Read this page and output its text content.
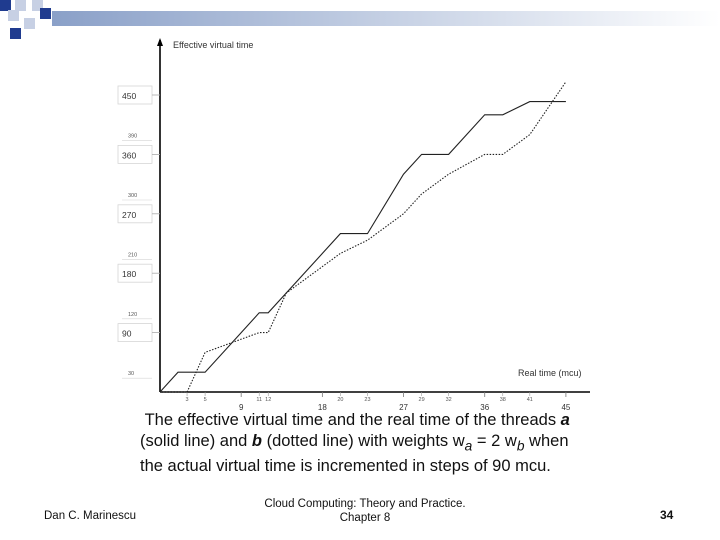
90
180
270
360
450
30
120
210
300
390
9	18	27	36	45
3	5	11 12	20	23	29	32	38	41
Effective virtual time
Real time (mcu)
The effective virtual time and the real time of the threads a
(solid line) and b (dotted line) with weights $w_a = 2$ $w_b$ when
the actual virtual time is incremented in steps of 90 mcu.
Dan C. Marinescu
Cloud Computing: Theory and Practice.
Chapter 8	34
